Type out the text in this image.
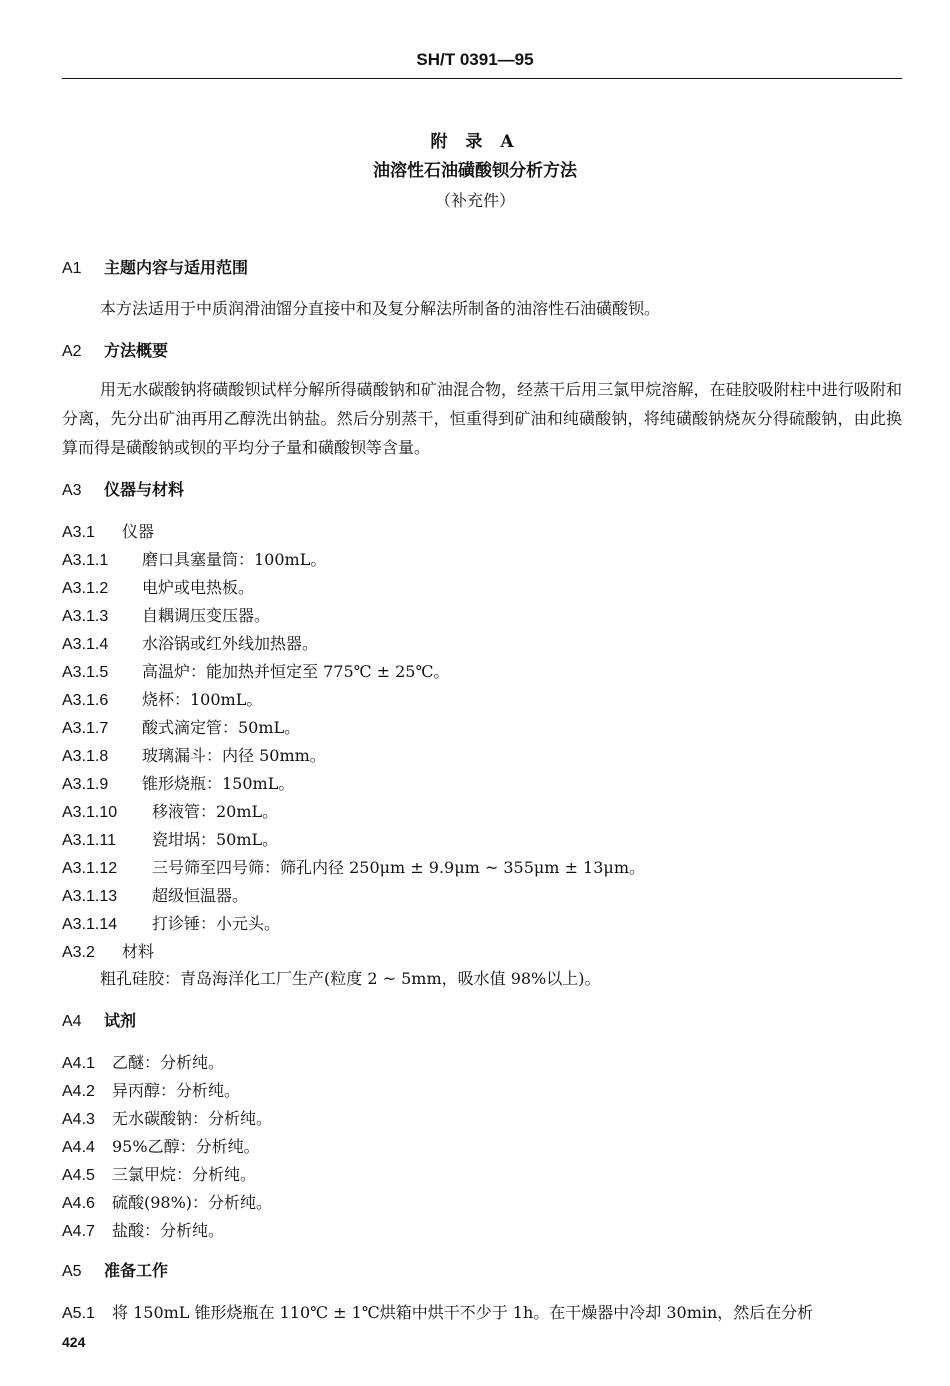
SH/T 0391—95
附 录 A
油溶性石油磺酸钡分析方法
（补充件）
A1 主题内容与适用范围
本方法适用于中质润滑油馏分直接中和及复分解法所制备的油溶性石油磺酸钡。
A2 方法概要
用无水碳酸钠将磺酸钡试样分解所得磺酸钠和矿油混合物，经蒸干后用三氯甲烷溶解，在硅胶吸附柱中进行吸附和分离，先分出矿油再用乙醇洗出钠盐。然后分别蒸干，恒重得到矿油和纯磺酸钠，将纯磺酸钠烧灰分得硫酸钠，由此换算而得是磺酸钠或钡的平均分子量和磺酸钡等含量。
A3 仪器与材料
A3.1 仪器
A3.1.1 磨口具塞量筒：100mL。
A3.1.2 电炉或电热板。
A3.1.3 自耦调压变压器。
A3.1.4 水浴锅或红外线加热器。
A3.1.5 高温炉：能加热并恒定至 775℃ ± 25℃。
A3.1.6 烧杯：100mL。
A3.1.7 酸式滴定管：50mL。
A3.1.8 玻璃漏斗：内径 50mm。
A3.1.9 锥形烧瓶：150mL。
A3.1.10 移液管：20mL。
A3.1.11 瓷坩埚：50mL。
A3.1.12 三号筛至四号筛：筛孔内径 250μm ± 9.9μm ~ 355μm ± 13μm。
A3.1.13 超级恒温器。
A3.1.14 打诊锤：小元头。
A3.2 材料
粗孔硅胶：青岛海洋化工厂生产(粒度 2 ~ 5mm，吸水值 98%以上)。
A4 试剂
A4.1 乙醚：分析纯。
A4.2 异丙醇：分析纯。
A4.3 无水碳酸钠：分析纯。
A4.4 95%乙醇：分析纯。
A4.5 三氯甲烷：分析纯。
A4.6 硫酸(98%)：分析纯。
A4.7 盐酸：分析纯。
A5 准备工作
A5.1 将 150mL 锥形烧瓶在 110℃ ± 1℃烘箱中烘干不少于 1h。在干燥器中冷却 30min，然后在分析
424
